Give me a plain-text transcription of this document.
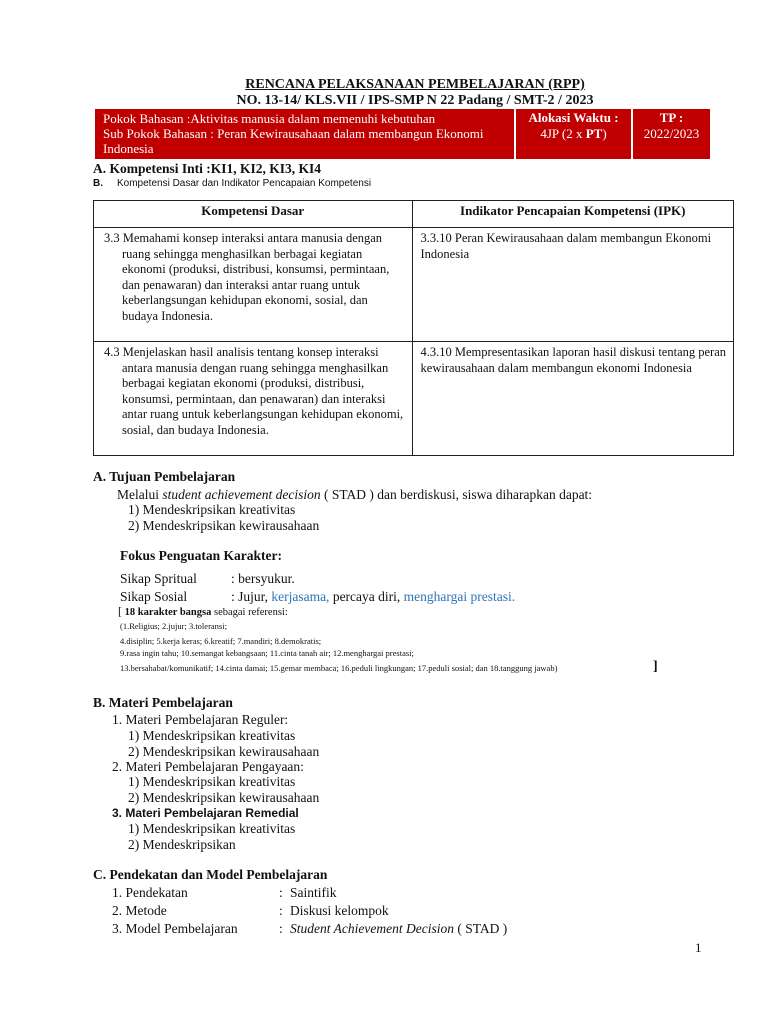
RENCANA PELAKSANAAN PEMBELAJARAN (RPP)
NO. 13-14/ KLS.VII / IPS-SMP N 22 Padang / SMT-2 / 2023
Pokok Bahasan :Aktivitas manusia dalam memenuhi kebutuhan
Sub Pokok Bahasan : Peran Kewirausahaan dalam membangun Ekonomi Indonesia
Alokasi Waktu :
4JP (2 x PT)
TP :
2022/2023
A. Kompetensi Inti :KI1, KI2, KI3, KI4
B. Kompetensi Dasar dan Indikator Pencapaian Kompetensi
Kompetensi Dasar	Indikator Pencapaian Kompetensi (IPK)

3.3 Memahami konsep interaksi antara manusia dengan ruang sehingga menghasilkan berbagai kegiatan ekonomi (produksi, distribusi, konsumsi, permintaan, dan penawaran) dan interaksi antar ruang untuk keberlangsungan kehidupan ekonomi, sosial, dan budaya Indonesia.	3.3.10 Peran Kewirausahaan dalam membangun Ekonomi Indonesia

4.3 Menjelaskan hasil analisis tentang konsep interaksi antara manusia dengan ruang sehingga menghasilkan berbagai kegiatan ekonomi (produksi, distribusi, konsumsi, permintaan, dan penawaran) dan interaksi antar ruang untuk keberlangsungan kehidupan ekonomi, sosial, dan budaya Indonesia.	4.3.10 Mempresentasikan laporan hasil diskusi tentang peran kewirausahaan dalam membangun ekonomi Indonesia
A. Tujuan Pembelajaran
Melalui student achievement decision ( STAD ) dan berdiskusi, siswa diharapkan dapat:
1) Mendeskripsikan kreativitas
2) Mendeskripsikan kewirausahaan
Fokus Penguatan Karakter:
Sikap Spritual	: bersyukur.
Sikap Sosial	: Jujur, kerjasama, percaya diri, menghargai prestasi.
[ 18 karakter bangsa sebagai referensi:
(1.Religius; 2.jujur; 3.toleransi;
4.disiplin; 5.kerja keras; 6.kreatif; 7.mandiri; 8.demokratis;
9.rasa ingin tahu; 10.semangat kebangsaan; 11.cinta tanah air; 12.menghargai prestasi;
13.bersahabat/komunikatif; 14.cinta damai; 15.gemar membaca; 16.peduli lingkungan; 17.peduli sosial; dan 18.tanggung jawab)	]
B. Materi Pembelajaran
1. Materi Pembelajaran Reguler:
1) Mendeskripsikan kreativitas
2) Mendeskripsikan kewirausahaan
2. Materi Pembelajaran Pengayaan:
1) Mendeskripsikan kreativitas
2) Mendeskripsikan kewirausahaan
3. Materi Pembelajaran Remedial
1) Mendeskripsikan kreativitas
2) Mendeskripsikan
C. Pendekatan dan Model Pembelajaran
1. Pendekatan	: Saintifik
2. Metode	: Diskusi kelompok
3. Model Pembelajaran	: Student Achievement Decision ( STAD )
1
